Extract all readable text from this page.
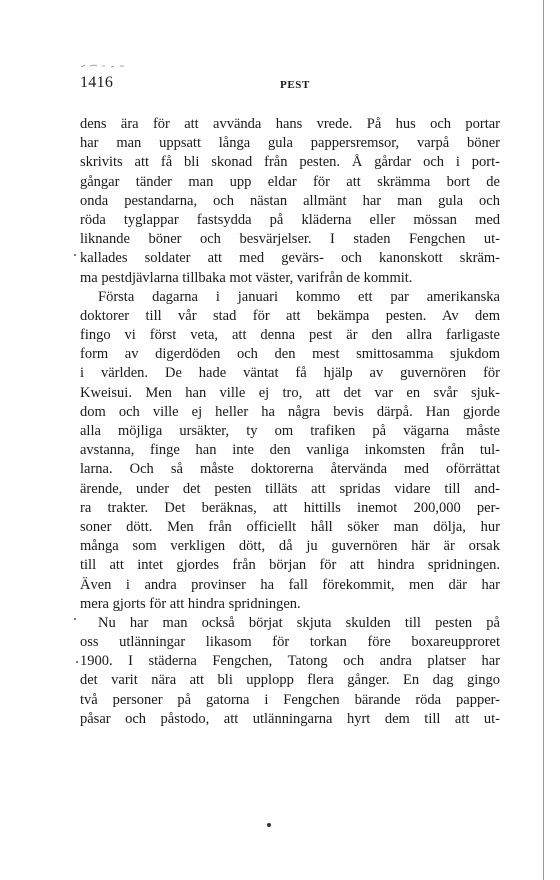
1416	PEST
dens ära för att avvända hans vrede. På hus och portar
har man uppsatt långa gula pappersremsor, varpå böner
skrivits att få bli skonad från pesten. Å gårdar och i port-
gångar tänder man upp eldar för att skrämma bort de
onda pestandarna, och nästan allmänt har man gula och
röda tyglappar fastsydda på kläderna eller mössan med
liknande böner och besvärjelser. I staden Fengchen ut-
kallades soldater att med gevärs- och kanonskott skräm-
ma pestdjävlarna tillbaka mot väster, varifrån de kommit.
Första dagarna i januari kommo ett par amerikanska
doktorer till vår stad för att bekämpa pesten. Av dem
fingo vi först veta, att denna pest är den allra farligaste
form av digerdöden och den mest smittosamma sjukdom
i världen. De hade väntat få hjälp av guvernören för
Kweisui. Men han ville ej tro, att det var en svår sjuk-
dom och ville ej heller ha några bevis därpå. Han gjorde
alla möjliga ursäkter, ty om trafiken på vägarna måste
avstanna, finge han inte den vanliga inkomsten från tul-
larna. Och så måste doktorerna återvända med oförrättat
ärende, under det pesten tilläts att spridas vidare till and-
ra trakter. Det beräknas, att hittills inemot 200,000 per-
soner dött. Men från officiellt håll söker man dölja, hur
många som verkligen dött, då ju guvernören här är orsak
till att intet gjordes från början för att hindra spridningen.
Även i andra provinser ha fall förekommit, men där har
mera gjorts för att hindra spridningen.
Nu har man också börjat skjuta skulden till pesten på
oss utlänningar likasom för torkan före boxareupproret
1900. I städerna Fengchen, Tatong och andra platser har
det varit nära att bli upplopp flera gånger. En dag gingo
två personer på gatorna i Fengchen bärande röda papper-
påsar och påstodo, att utlänningarna hyrt dem till att ut-
